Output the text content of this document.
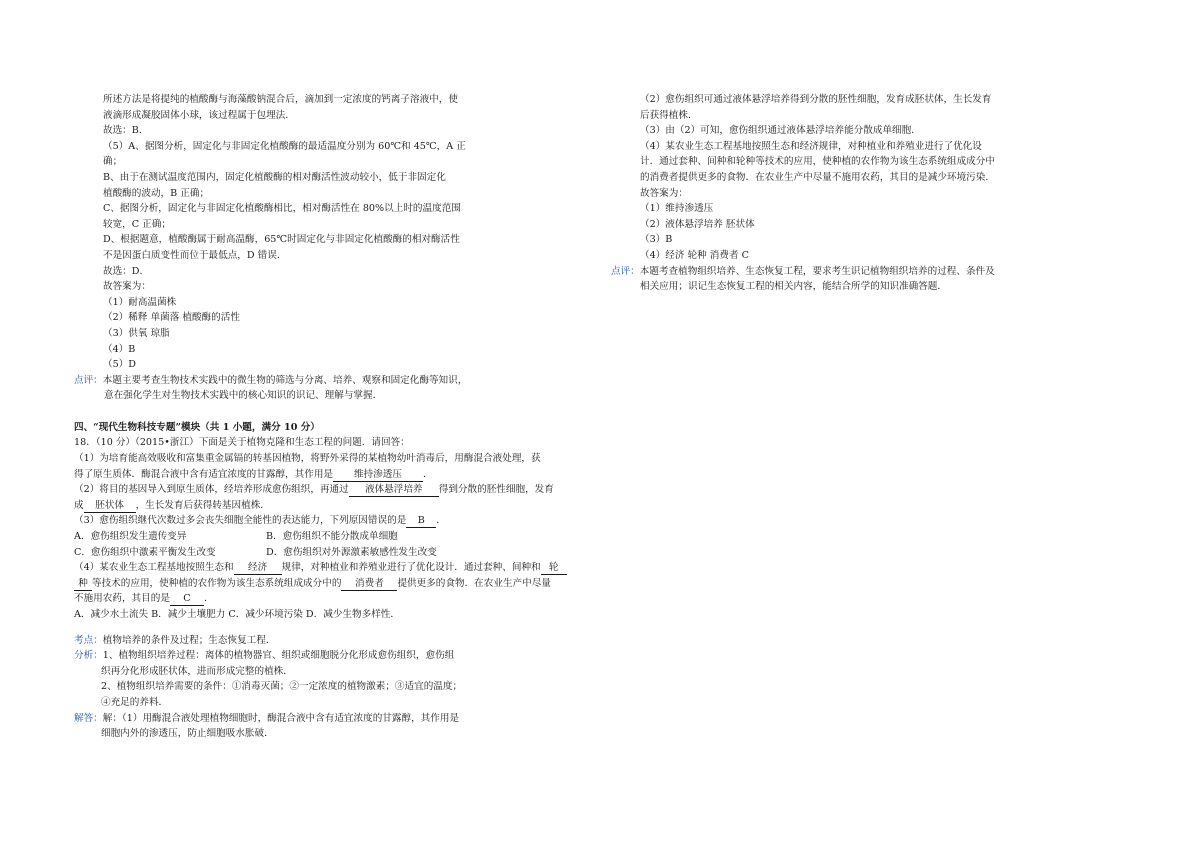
所述方法是将提纯的植酸酶与海藻酸钠混合后，滴加到一定浓度的钙离子溶液中，使
液滴形成凝胶固体小球，该过程属于包埋法．
故选：B．
（5）A、据图分析，固定化与非固定化植酸酶的最适温度分别为 60℃和 45℃，A 正
确；
B、由于在测试温度范围内，固定化植酸酶的相对酶活性波动较小，低于非固定化
植酸酶的波动，B 正确；
C、据图分析，固定化与非固定化植酸酶相比，相对酶活性在 80%以上时的温度范围
较宽，C 正确；
D、根据题意，植酸酶属于耐高温酶，65℃时固定化与非固定化植酸酶的相对酶活性
不是因蛋白质变性而位于最低点，D 错误．
故选：D．
故答案为：
（1）耐高温菌株
（2）稀释 单菌落 植酸酶的活性
（3）供氧 琼脂
（4）B
（5）D
点评：本题主要考查生物技术实践中的微生物的筛选与分离、培养、观察和固定化酶等知识，
意在强化学生对生物技术实践中的核心知识的识记、理解与掌握．
四、“现代生物科技专题”模块（共 1 小题，满分 10 分）
18．（10 分）（2015•浙江）下面是关于植物克隆和生态工程的问题．请回答：
（1）为培育能高效吸收和富集重金属镉的转基因植物，将野外采得的某植物幼叶消毒后，用酶混合液处理，获
得了原生质体．酶混合液中含有适宜浓度的甘露醇，其作用是 维持渗透压 ．
（2）将目的基因导入到原生质体，经培养形成愈伤组织，再通过 液体悬浮培养 得到分散的胚性细胞，发育
成 胚状体 ，生长发育后获得转基因植株．
（3）愈伤组织继代次数过多会丧失细胞全能性的表达能力，下列原因错误的是 B ．
A．愈伤组织发生遗传变异	B．愈伤组织不能分散成单细胞
C．愈伤组织中激素平衡发生改变	D．愈伤组织对外源激素敏感性发生改变
（4）某农业生态工程基地按照生态和 经济 规律，对种植业和养殖业进行了优化设计．通过套种、间种和 轮
种 等技术的应用，使种植的农作物为该生态系统组成成分中的 消费者 提供更多的食物．在农业生产中尽量
不施用农药，其目的是 C ．
A．减少水土流失 B．减少土壤肥力 C．减少环境污染 D．减少生物多样性．
考点：植物培养的条件及过程；生态恢复工程．
分析：1、植物组织培养过程：离体的植物器官、组织或细胞脱分化形成愈伤组织，愈伤组
织再分化形成胚状体，进而形成完整的植株．
2、植物组织培养需要的条件：①消毒灭菌；②一定浓度的植物激素；③适宜的温度；
④充足的养料．
解答：解：（1）用酶混合液处理植物细胞时，酶混合液中含有适宜浓度的甘露醇，其作用是
细胞内外的渗透压，防止细胞吸水胀破．
（2）愈伤组织可通过液体悬浮培养得到分散的胚性细胞，发育成胚状体，生长发育
后获得植株．
（3）由（2）可知，愈伤组织通过液体悬浮培养能分散成单细胞．
（4）某农业生态工程基地按照生态和经济规律，对种植业和养殖业进行了优化设
计．通过套种、间种和轮种等技术的应用，使种植的农作物为该生态系统组成成分中
的消费者提供更多的食物．在农业生产中尽量不施用农药，其目的是减少环境污染．
故答案为：
（1）维持渗透压
（2）液体悬浮培养 胚状体
（3）B
（4）经济 轮种 消费者 C
点评：本题考查植物组织培养、生态恢复工程，要求考生识记植物组织培养的过程、条件及
相关应用；识记生态恢复工程的相关内容，能结合所学的知识准确答题．
